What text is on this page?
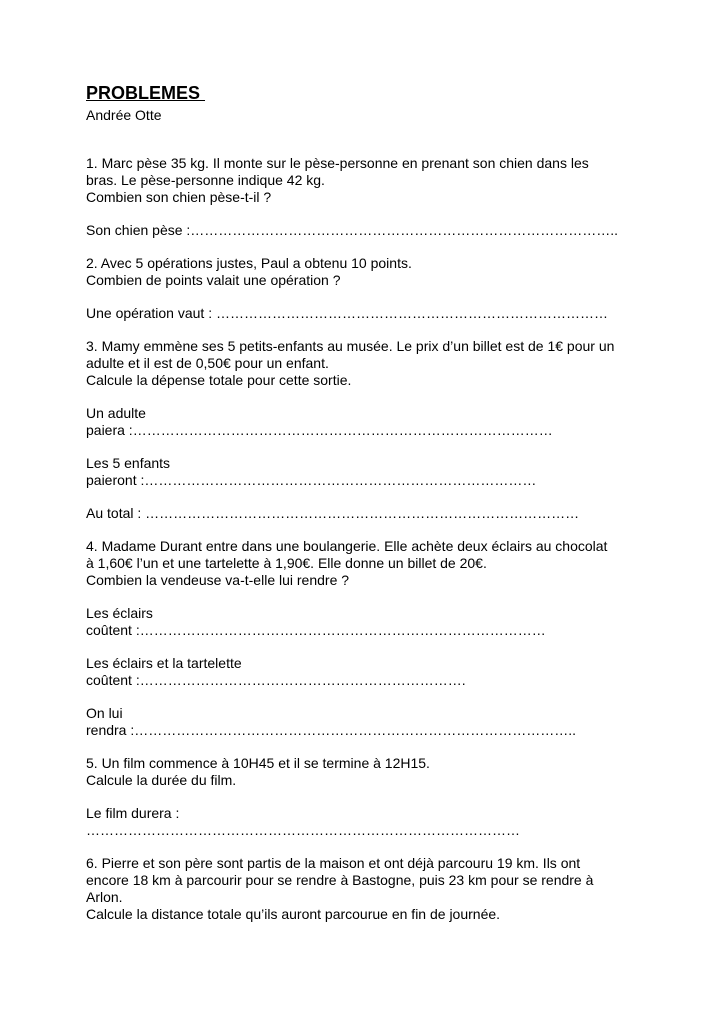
PROBLEMES
Andrée Otte
1. Marc pèse 35 kg. Il monte sur le pèse-personne en prenant son chien dans les
bras. Le pèse-personne indique 42 kg.
Combien son chien pèse-t-il ?
Son chien pèse :………………………………………………………………………………..
2. Avec 5 opérations justes, Paul a obtenu 10 points.
Combien de points valait une opération ?
Une opération vaut : …………………………………………………………………………
3. Mamy emmène ses 5 petits-enfants au musée. Le prix d’un billet est de 1€ pour un
adulte et il est de 0,50€ pour un enfant.
Calcule la dépense totale pour cette sortie.
Un adulte
paiera :………………………………………………………………………………
Les 5 enfants
paieront :…………………………………………………………………………
Au total : …………………………………………………………………………………
4. Madame Durant entre dans une boulangerie. Elle achète deux éclairs au chocolat
à 1,60€ l’un et une tartelette à 1,90€. Elle donne un billet de 20€.
Combien la vendeuse va-t-elle lui rendre ?
Les éclairs
coûtent :……………………………………………………………………………
Les éclairs et la tartelette
coûtent :…………………………………………………………….
On lui
rendra :…………………………………………………………………………………..
5. Un film commence à 10H45 et il se termine à 12H15.
Calcule la durée du film.
Le film durera :
…………………………………………………………………………………
6. Pierre et son père sont partis de la maison et ont déjà parcouru 19 km. Ils ont
encore 18 km à parcourir pour se rendre à Bastogne, puis 23 km pour se rendre à
Arlon.
Calcule la distance totale qu’ils auront parcourue en fin de journée.
